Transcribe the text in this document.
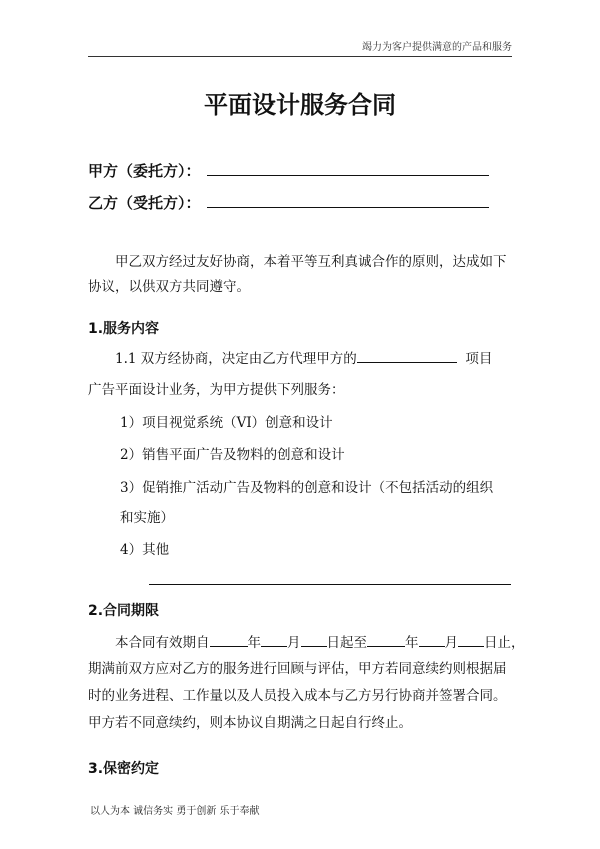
竭力为客户提供满意的产品和服务
平面设计服务合同
甲方（委托方）：
乙方（受托方）：
甲乙双方经过友好协商，本着平等互利真诚合作的原则，达成如下协议，以供双方共同遵守。
1.服务内容
1.1 双方经协商，决定由乙方代理甲方的	项目
广告平面设计业务，为甲方提供下列服务：
1）项目视觉系统（VI）创意和设计
2）销售平面广告及物料的创意和设计
3）促销推广活动广告及物料的创意和设计（不包括活动的组织
和实施）
4）其他
2.合同期限
本合同有效期自	年 月 日起至	年 月 日止，
期满前双方应对乙方的服务进行回顾与评估，甲方若同意续约则根据届时的业务进程、工作量以及人员投入成本与乙方另行协商并签署合同。甲方若不同意续约，则本协议自期满之日起自行终止。
3.保密约定
以人为本 诚信务实 勇于创新 乐于奉献
